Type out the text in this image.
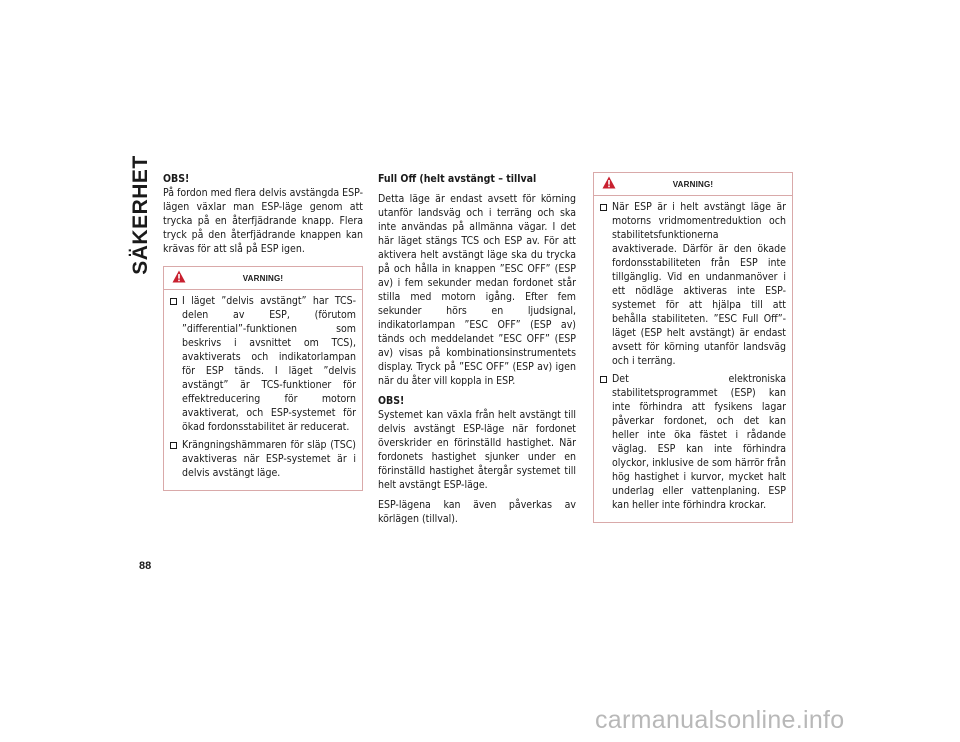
SÄKERHET OBS!
På fordon med flera delvis avstängda ESP-lägen växlar man ESP-läge genom att trycka på en återfjädrande knapp. Flera tryck på den återfjädrande knappen kan krävas för att slå på ESP igen.

VARNING!
I läget ”delvis avstängt” har TCS-delen av ESP, (förutom ”differential”-funktionen som beskrivs i avsnittet om TCS), avaktiverats och indikatorlampan för ESP tänds. I läget ”delvis avstängt” är TCS-funktioner för effektreducering för motorn avaktiverat, och ESP-systemet för ökad fordonsstabilitet är reducerat.
Krängningshämmaren för släp (TSC) avaktiveras när ESP-systemet är i delvis avstängt läge.

Full Off (helt avstängt – tillval

Detta läge är endast avsett för körning utanför landsväg och i terräng och ska inte användas på allmänna vägar. I det här läget stängs TCS och ESP av. För att aktivera helt avstängt läge ska du trycka på och hålla in knappen ”ESC OFF” (ESP av) i fem sekunder medan fordonet står stilla med motorn igång. Efter fem sekunder hörs en ljudsignal, indikatorlampan ”ESC OFF” (ESP av) tänds och meddelandet ”ESC OFF” (ESP av) visas på kombinationsinstrumentets display. Tryck på ”ESC OFF” (ESP av) igen när du åter vill koppla in ESP.

OBS!
Systemet kan växla från helt avstängt till delvis avstängt ESP-läge när fordonet överskrider en förinställd hastighet. När fordonets hastighet sjunker under en förinställd hastighet återgår systemet till helt avstängt ESP-läge.

ESP-lägena kan även påverkas av körlägen (tillval).

VARNING!
När ESP är i helt avstängt läge är motorns vridmomentreduktion och stabilitetsfunktionerna avaktiverade. Därför är den ökade fordonsstabiliteten från ESP inte tillgänglig. Vid en undanmanöver i ett nödläge aktiveras inte ESP-systemet för att hjälpa till att behålla stabiliteten. ”ESC Full Off”-läget (ESP helt avstängt) är endast avsett för körning utanför landsväg och i terräng.
Det elektroniska stabilitetsprogrammet (ESP) kan inte förhindra att fysikens lagar påverkar fordonet, och det kan heller inte öka fästet i rådande väglag. ESP kan inte förhindra olyckor, inklusive de som härrör från hög hastighet i kurvor, mycket halt underlag eller vattenplaning. ESP kan heller inte förhindra krockar.
88
carmanualsonline.info
